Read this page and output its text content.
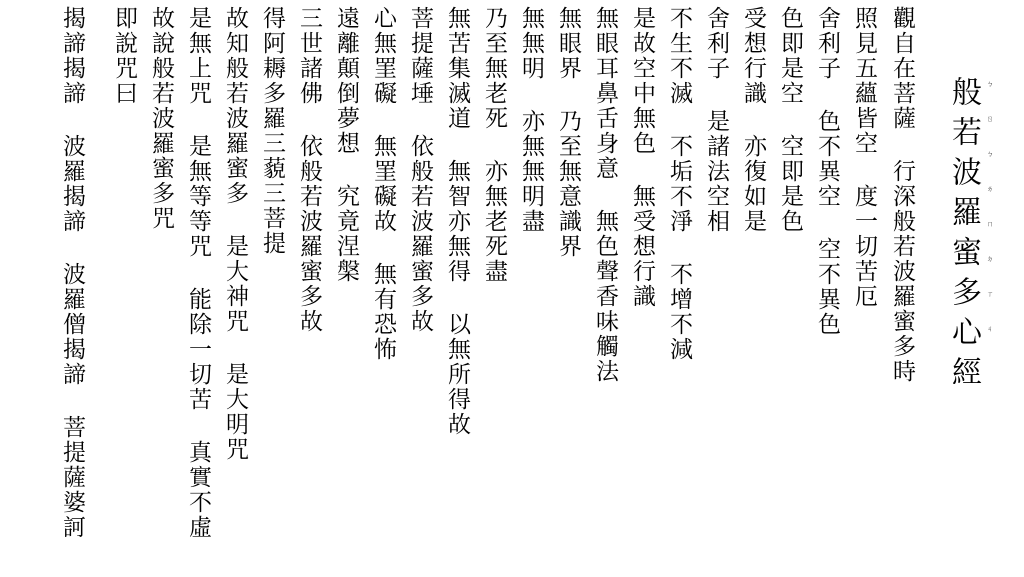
般若波羅蜜多心經 ㄅㄖㄅㄌㄇㄉㄒㄐ
觀自在菩薩 行深般若波羅蜜多時
照見五蘊皆空 度一切苦厄
舍利子 色不異空 空不異色
色即是空 空即是色
受想行識 亦復如是
舍利子 是諸法空相
不生不滅 不垢不淨 不增不減
是故空中無色 無受想行識
無眼耳鼻舌身意 無色聲香味觸法
無眼界 乃至無意識界
無無明 亦無無明盡
乃至無老死 亦無老死盡
無苦集滅道 無智亦無得 以無所得故
菩提薩埵 依般若波羅蜜多故
心無罣礙 無罣礙故 無有恐怖
遠離顛倒夢想 究竟涅槃
三世諸佛 依般若波羅蜜多故
得阿耨多羅三藐三菩提
故知般若波羅蜜多 是大神咒 是大明咒
是無上咒 是無等等咒 能除一切苦 真實不虛
故說般若波羅蜜多咒
即說咒曰
揭諦揭諦 波羅揭諦 波羅僧揭諦 菩提薩婆訶
